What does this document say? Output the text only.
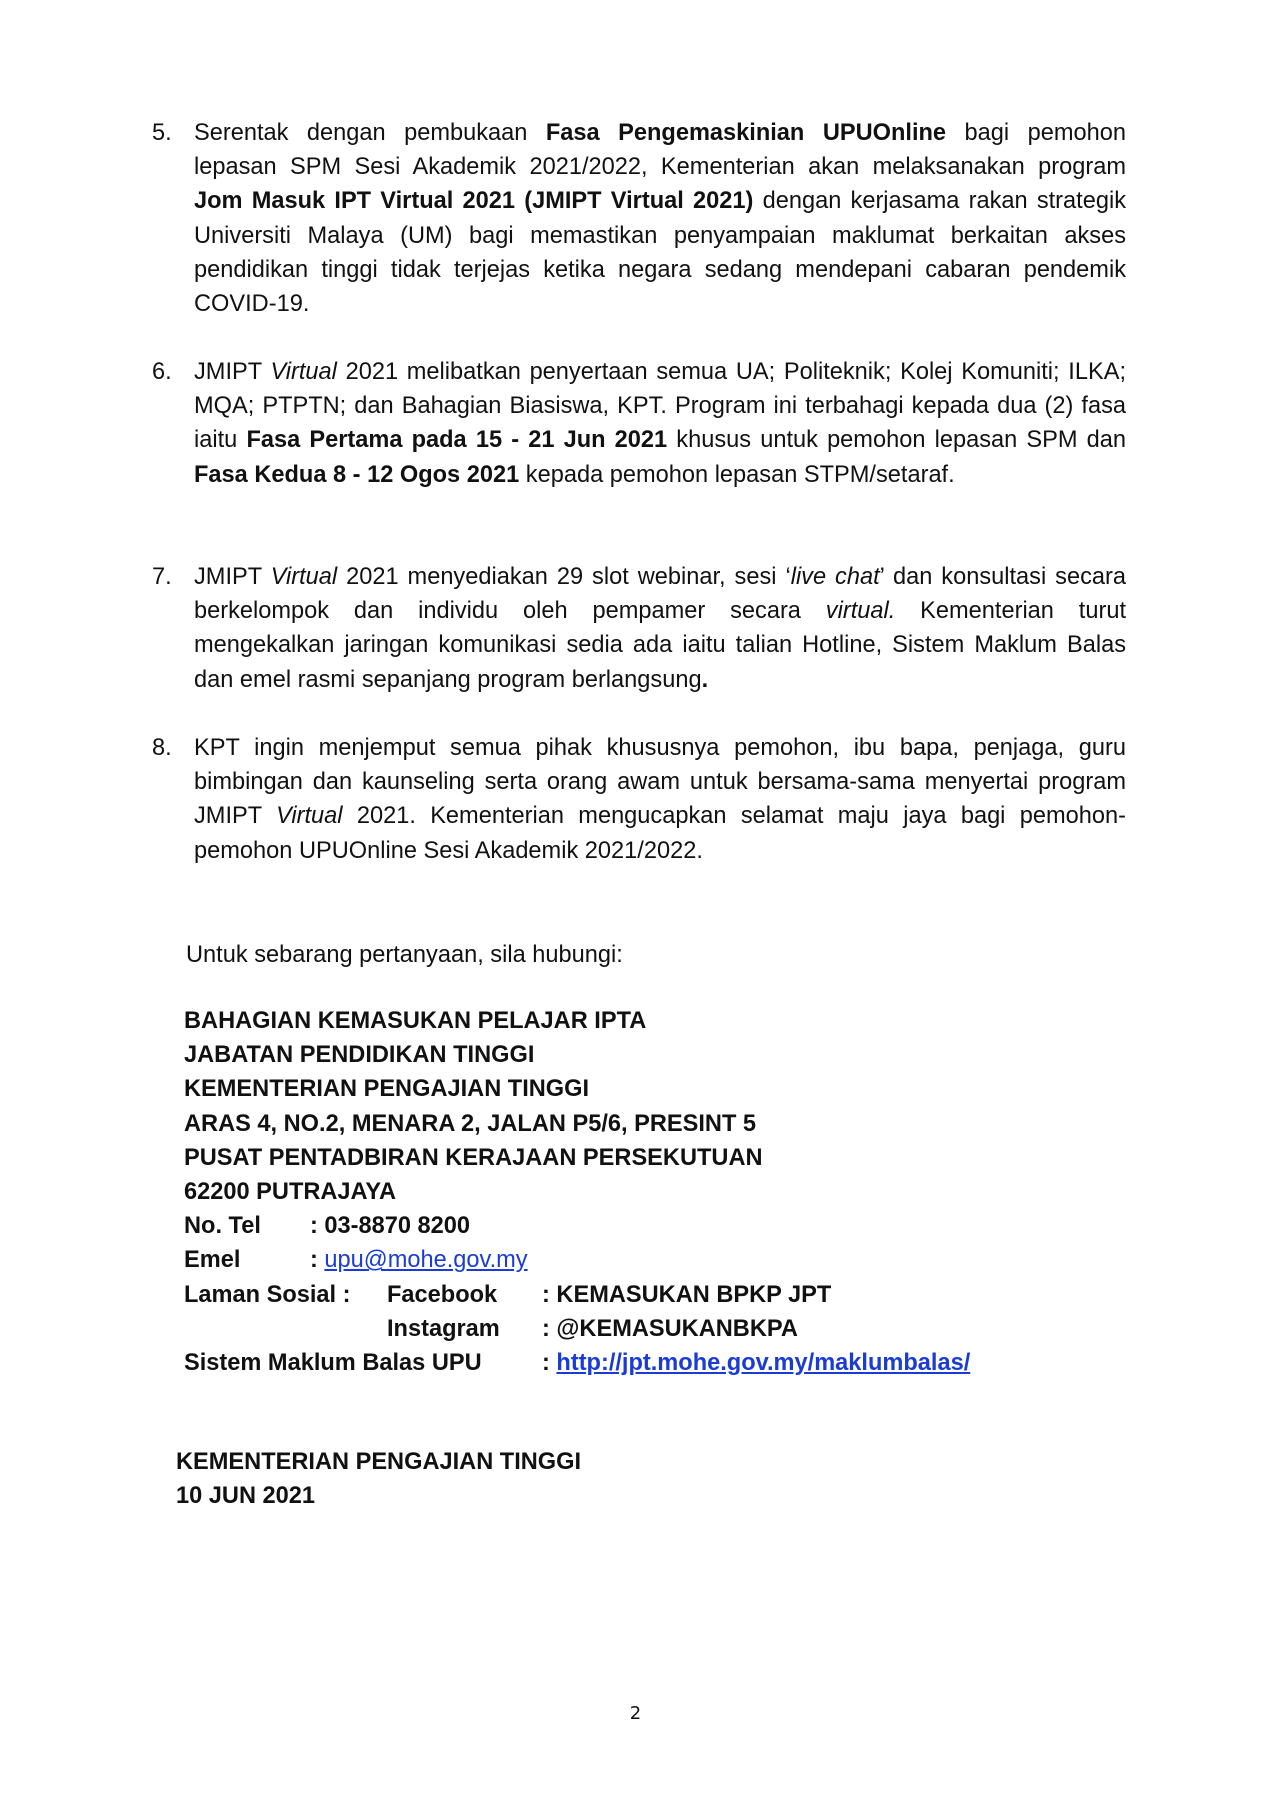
5. Serentak dengan pembukaan Fasa Pengemaskinian UPUOnline bagi pemohon lepasan SPM Sesi Akademik 2021/2022, Kementerian akan melaksanakan program Jom Masuk IPT Virtual 2021 (JMIPT Virtual 2021) dengan kerjasama rakan strategik Universiti Malaya (UM) bagi memastikan penyampaian maklumat berkaitan akses pendidikan tinggi tidak terjejas ketika negara sedang mendepani cabaran pendemik COVID-19.
6. JMIPT Virtual 2021 melibatkan penyertaan semua UA; Politeknik; Kolej Komuniti; ILKA; MQA; PTPTN; dan Bahagian Biasiswa, KPT. Program ini terbahagi kepada dua (2) fasa iaitu Fasa Pertama pada 15 - 21 Jun 2021 khusus untuk pemohon lepasan SPM dan Fasa Kedua 8 - 12 Ogos 2021 kepada pemohon lepasan STPM/setaraf.
7. JMIPT Virtual 2021 menyediakan 29 slot webinar, sesi ‘live chat’ dan konsultasi secara berkelompok dan individu oleh pempamer secara virtual. Kementerian turut mengekalkan jaringan komunikasi sedia ada iaitu talian Hotline, Sistem Maklum Balas dan emel rasmi sepanjang program berlangsung.
8. KPT ingin menjemput semua pihak khususnya pemohon, ibu bapa, penjaga, guru bimbingan dan kaunseling serta orang awam untuk bersama-sama menyertai program JMIPT Virtual 2021. Kementerian mengucapkan selamat maju jaya bagi pemohon-pemohon UPUOnline Sesi Akademik 2021/2022.
Untuk sebarang pertanyaan, sila hubungi:
BAHAGIAN KEMASUKAN PELAJAR IPTA
JABATAN PENDIDIKAN TINGGI
KEMENTERIAN PENGAJIAN TINGGI
ARAS 4, NO.2, MENARA 2, JALAN P5/6, PRESINT 5
PUSAT PENTADBIRAN KERAJAAN PERSEKUTUAN
62200 PUTRAJAYA
No. Tel : 03-8870 8200
Emel	: upu@mohe.gov.my
Laman Sosial : Facebook : KEMASUKAN BPKP JPT
Instagram : @KEMASUKANBKPA
Sistem Maklum Balas UPU	: http://jpt.mohe.gov.my/maklumbalas/
KEMENTERIAN PENGAJIAN TINGGI
10 JUN 2021
2
